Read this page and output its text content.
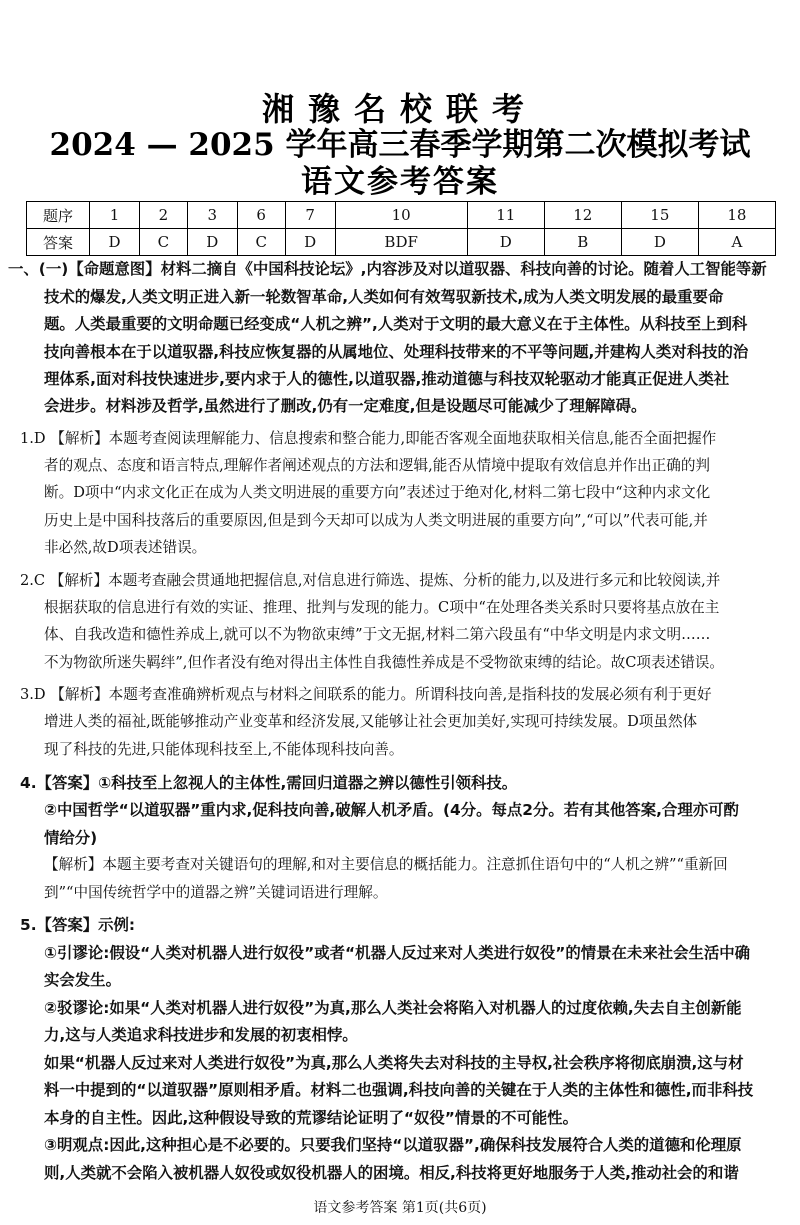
湘豫名校联考
2024 — 2025 学年高三春季学期第二次模拟考试
语文参考答案
题序	1	2	3	6	7	10	11	12	15	18
答案	D	C	D	C	D	BDF	D	B	D	A
一、(一)【命题意图】材料二摘自《中国科技论坛》,内容涉及对以道驭器、科技向善的讨论。随着人工智能等新
技术的爆发,人类文明正进入新一轮数智革命,人类如何有效驾驭新技术,成为人类文明发展的最重要命
题。人类最重要的文明命题已经变成“人机之辨”,人类对于文明的最大意义在于主体性。从科技至上到科
技向善根本在于以道驭器,科技应恢复器的从属地位、处理科技带来的不平等问题,并建构人类对科技的治
理体系,面对科技快速进步,要内求于人的德性,以道驭器,推动道德与科技双轮驱动才能真正促进人类社
会进步。材料涉及哲学,虽然进行了删改,仍有一定难度,但是设题尽可能减少了理解障碍。
1.D 【解析】本题考查阅读理解能力、信息搜索和整合能力,即能否客观全面地获取相关信息,能否全面把握作
者的观点、态度和语言特点,理解作者阐述观点的方法和逻辑,能否从情境中提取有效信息并作出正确的判
断。D项中“内求文化正在成为人类文明进展的重要方向”表述过于绝对化,材料二第七段中“这种内求文化
历史上是中国科技落后的重要原因,但是到今天却可以成为人类文明进展的重要方向”,“可以”代表可能,并
非必然,故D项表述错误。
2.C 【解析】本题考查融会贯通地把握信息,对信息进行筛选、提炼、分析的能力,以及进行多元和比较阅读,并
根据获取的信息进行有效的实证、推理、批判与发现的能力。C项中“在处理各类关系时只要将基点放在主
体、自我改造和德性养成上,就可以不为物欲束缚”于文无据,材料二第六段虽有“中华文明是内求文明……
不为物欲所迷失羁绊”,但作者没有绝对得出主体性自我德性养成是不受物欲束缚的结论。故C项表述错误。
3.D 【解析】本题考查准确辨析观点与材料之间联系的能力。所谓科技向善,是指科技的发展必须有利于更好
增进人类的福祉,既能够推动产业变革和经济发展,又能够让社会更加美好,实现可持续发展。D项虽然体
现了科技的先进,只能体现科技至上,不能体现科技向善。
4.【答案】①科技至上忽视人的主体性,需回归道器之辨以德性引领科技。
②中国哲学“以道驭器”重内求,促科技向善,破解人机矛盾。(4分。每点2分。若有其他答案,合理亦可酌
情给分)
【解析】本题主要考查对关键语句的理解,和对主要信息的概括能力。注意抓住语句中的“人机之辨”“重新回
到”“中国传统哲学中的道器之辨”关键词语进行理解。
5.【答案】示例:
①引谬论:假设“人类对机器人进行奴役”或者“机器人反过来对人类进行奴役”的情景在未来社会生活中确
实会发生。
②驳谬论:如果“人类对机器人进行奴役”为真,那么人类社会将陷入对机器人的过度依赖,失去自主创新能
力,这与人类追求科技进步和发展的初衷相悖。
如果“机器人反过来对人类进行奴役”为真,那么人类将失去对科技的主导权,社会秩序将彻底崩溃,这与材
料一中提到的“以道驭器”原则相矛盾。材料二也强调,科技向善的关键在于人类的主体性和德性,而非科技
本身的自主性。因此,这种假设导致的荒谬结论证明了“奴役”情景的不可能性。
③明观点:因此,这种担心是不必要的。只要我们坚持“以道驭器”,确保科技发展符合人类的道德和伦理原
则,人类就不会陷入被机器人奴役或奴役机器人的困境。相反,科技将更好地服务于人类,推动社会的和谐
语文参考答案 第1页(共6页)
